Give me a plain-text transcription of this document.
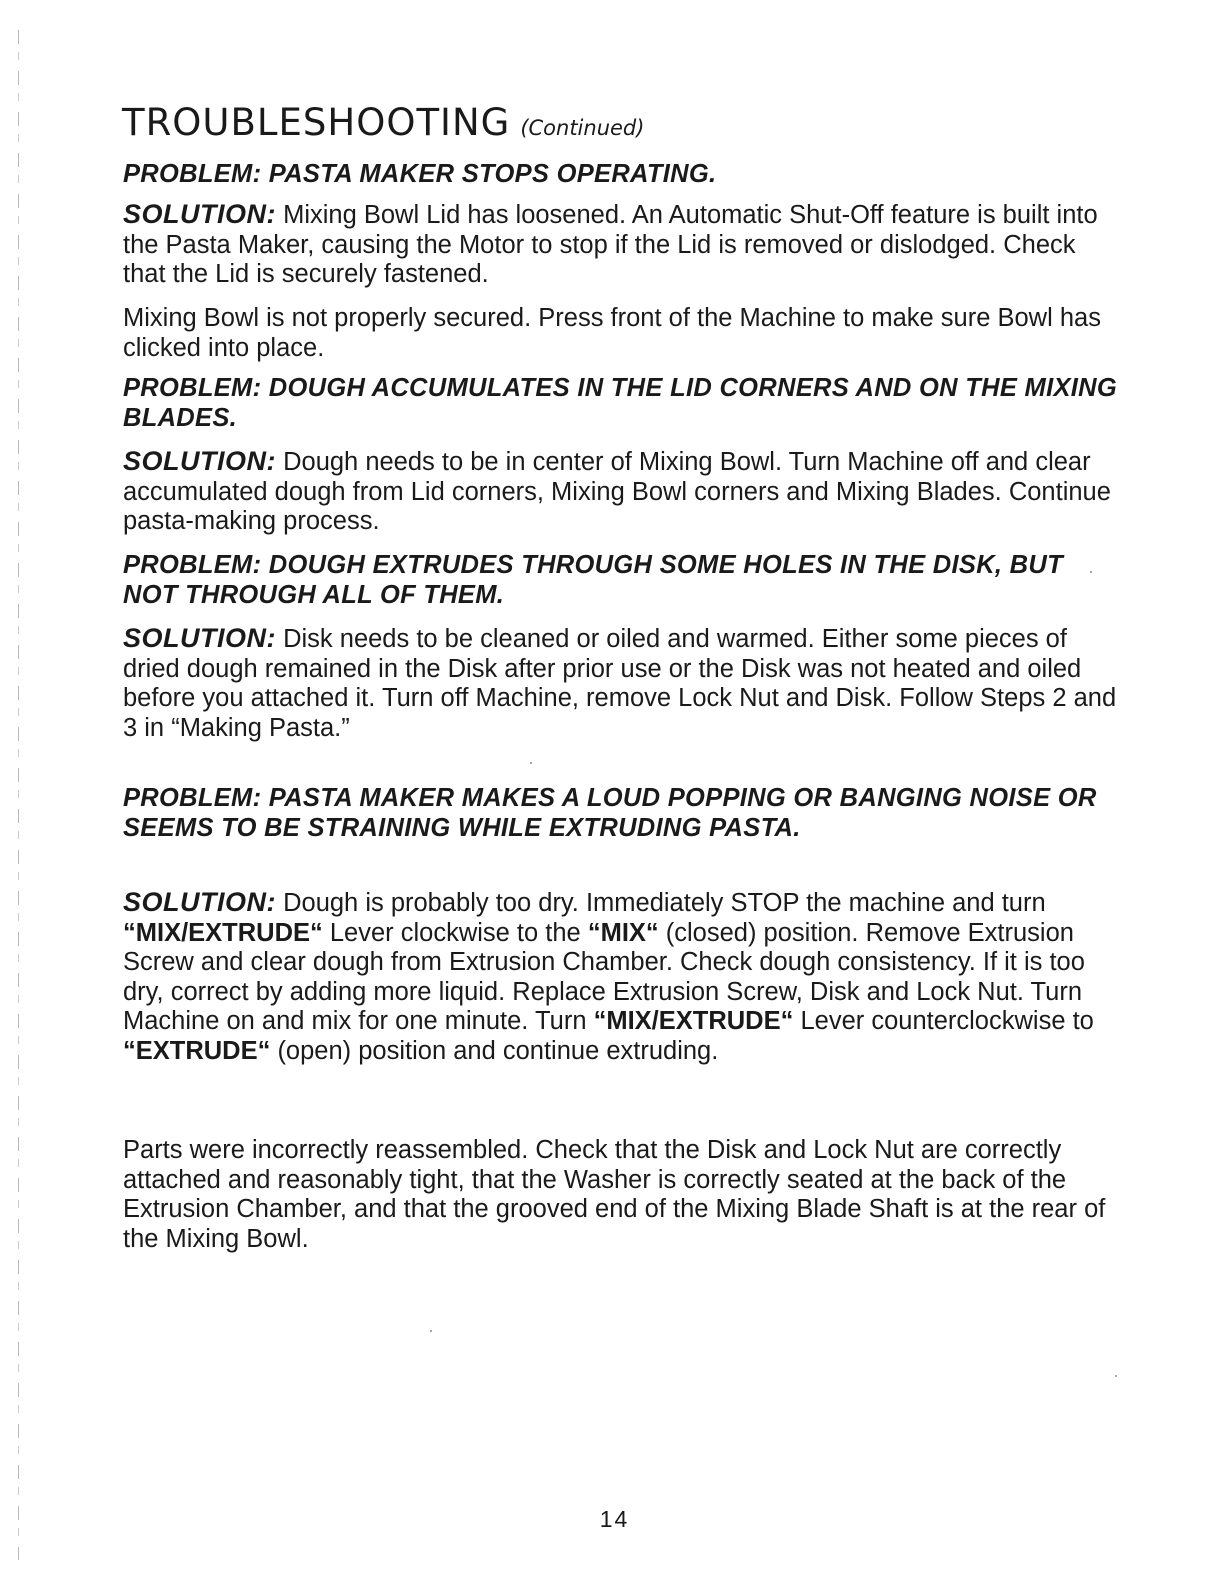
TROUBLESHOOTING (Continued)

PROBLEM: PASTA MAKER STOPS OPERATING.

SOLUTION: Mixing Bowl Lid has loosened. An Automatic Shut-Off feature is built into the Pasta Maker, causing the Motor to stop if the Lid is removed or dislodged. Check that the Lid is securely fastened.

Mixing Bowl is not properly secured. Press front of the Machine to make sure Bowl has clicked into place.

PROBLEM: DOUGH ACCUMULATES IN THE LID CORNERS AND ON THE MIXING BLADES.

SOLUTION: Dough needs to be in center of Mixing Bowl. Turn Machine off and clear accumulated dough from Lid corners, Mixing Bowl corners and Mixing Blades. Continue pasta-making process.

PROBLEM: DOUGH EXTRUDES THROUGH SOME HOLES IN THE DISK, BUT NOT THROUGH ALL OF THEM.

SOLUTION: Disk needs to be cleaned or oiled and warmed. Either some pieces of dried dough remained in the Disk after prior use or the Disk was not heated and oiled before you attached it. Turn off Machine, remove Lock Nut and Disk. Follow Steps 2 and 3 in “Making Pasta.”

PROBLEM: PASTA MAKER MAKES A LOUD POPPING OR BANGING NOISE OR SEEMS TO BE STRAINING WHILE EXTRUDING PASTA.

SOLUTION: Dough is probably too dry. Immediately STOP the machine and turn “MIX/EXTRUDE“ Lever clockwise to the “MIX“ (closed) position. Remove Extrusion Screw and clear dough from Extrusion Chamber. Check dough consistency. If it is too dry, correct by adding more liquid. Replace Extrusion Screw, Disk and Lock Nut. Turn Machine on and mix for one minute. Turn “MIX/EXTRUDE“ Lever counterclockwise to “EXTRUDE“ (open) position and continue extruding.

Parts were incorrectly reassembled. Check that the Disk and Lock Nut are correctly attached and reasonably tight, that the Washer is correctly seated at the back of the Extrusion Chamber, and that the grooved end of the Mixing Blade Shaft is at the rear of the Mixing Bowl.

14
